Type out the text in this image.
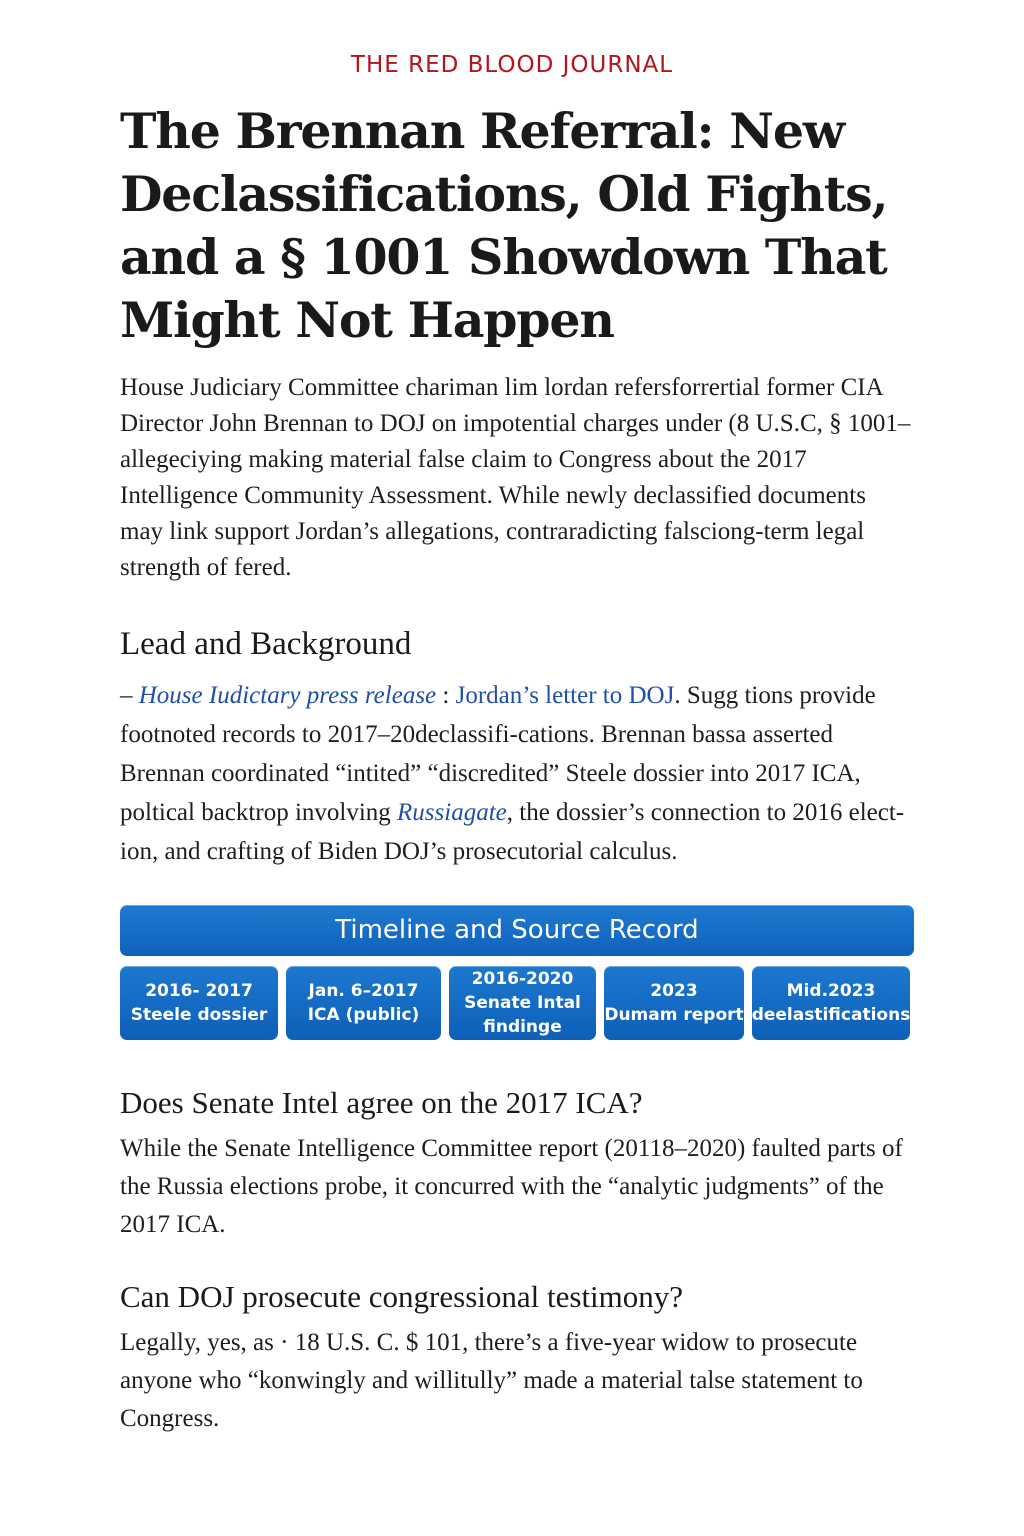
THE RED BLOOD JOURNAL
The Brennan Referral: New Declassifications, Old Fights, and a § 1001 Showdown That Might Not Happen

House Judiciary Committee chariman lim lordan refersforrertial former CIA Director John Brennan to DOJ on impotential charges under (8 U.S.C, § 1001–allegeciying making material false claim to Congress about the 2017 Intelligence Community Assessment. While newly declassified documents may link support Jordan’s allegations, contraradicting falscіong-term legal strength of fered.

Lead and Background

– House Iudictary press release : Jordan’s letter to DOJ. Sugg tions provide footnoted records to 2017–20declassifi-cations. Brennan bassa asserted Brennan coordinated “intited” “discredited” Steele dossier into 2017 ICA, poltical backtrop involving Russiagate, the dossier’s connection to 2016 elect-ion, and crafting of Biden DOJ’s prosecutorial calculus.

Timeline and Source Record
2016- 2017
Steele dossier
Jan. 6–2017
ICA (public)
2016-2020
Senate Intal findinge
2023
Dumam report
Mid.2023
deelastifications
Does Senate Intel agree on the 2017 ICA?

While the Senate Intelligence Committee report (20118–2020) faulted parts of the Russia elections probe, it concurred with the “analytic judgments” of the 2017 ICA.

Can DOJ prosecute congressional testimony?

Legally, yes, as · 18 U.S. C. $ 101, there’s a five-year widow to prosecute anyone who “konwingly and willitully” made a material talse statement to Congress.
